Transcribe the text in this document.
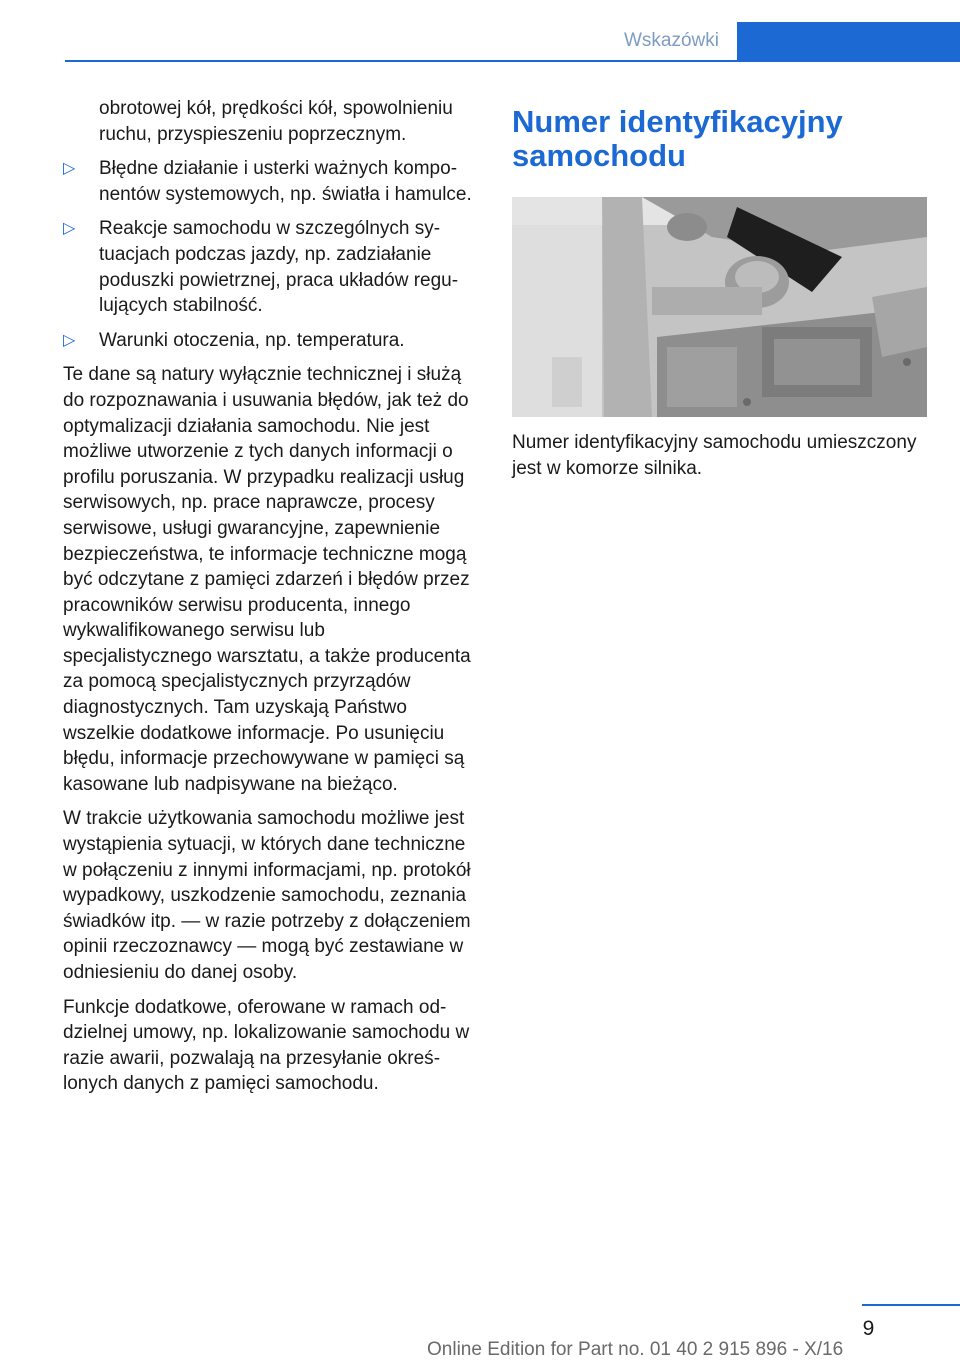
Wskazówki

obrotowej kół, prędkości kół, spowolnieniu ruchu, przyspieszeniu poprzecznym.

▷ Błędne działanie i usterki ważnych komponentów systemowych, np. światła i hamulce.
▷ Reakcje samochodu w szczególnych sytuacjach podczas jazdy, np. zadziałanie poduszki powietrznej, praca układów regulujących stabilność.
▷ Warunki otoczenia, np. temperatura.

Te dane są natury wyłącznie technicznej i służą do rozpoznawania i usuwania błędów, jak też do optymalizacji działania samochodu. Nie jest możliwe utworzenie z tych danych informacji o profilu poruszania. W przypadku realizacji usług serwisowych, np. prace naprawcze, procesy serwisowe, usługi gwarancyjne, zapewnienie bezpieczeństwa, te informacje techniczne mogą być odczytane z pamięci zdarzeń i błędów przez pracowników serwisu producenta, innego wykwalifikowanego serwisu lub specjalistycznego warsztatu, a także producenta za pomocą specjalistycznych przyrządów diagnostycznych. Tam uzyskają Państwo wszelkie dodatkowe informacje. Po usunięciu błędu, informacje przechowywane w pamięci są kasowane lub nadpisywane na bieżąco.

W trakcie użytkowania samochodu możliwe jest wystąpienia sytuacji, w których dane techniczne w połączeniu z innymi informacjami, np. protokół wypadkowy, uszkodzenie samochodu, zeznania świadków itp. — w razie potrzeby z dołączeniem opinii rzeczoznawcy — mogą być zestawiane w odniesieniu do danej osoby.

Funkcje dodatkowe, oferowane w ramach oddzielnej umowy, np. lokalizowanie samochodu w razie awarii, pozwalają na przesyłanie określonych danych z pamięci samochodu.

Numer identyfikacyjny samochodu
Numer identyfikacyjny samochodu umieszczony jest w komorze silnika.
9
Online Edition for Part no. 01 40 2 915 896 - X/16
